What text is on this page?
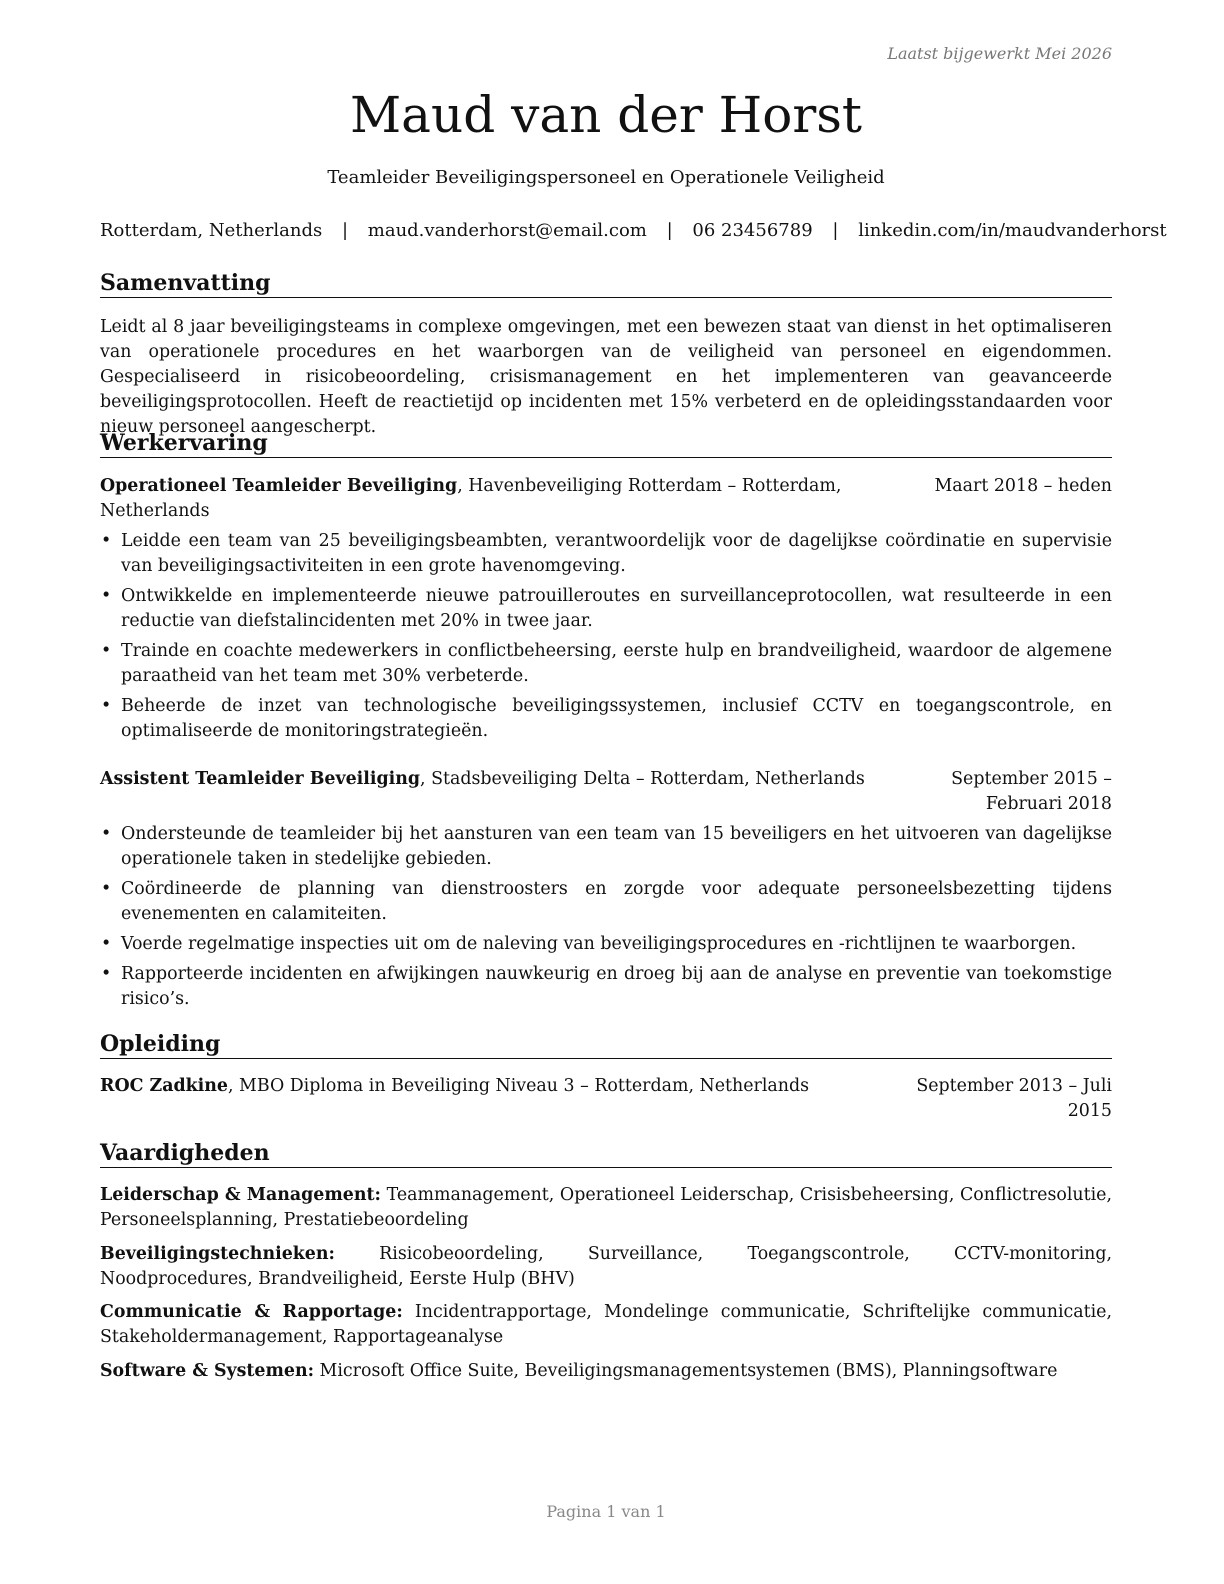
Laatst bijgewerkt Mei 2026
Maud van der Horst
Teamleider Beveiligingspersoneel en Operationele Veiligheid
Rotterdam, Netherlands | maud.vanderhorst@email.com | 06 23456789 | linkedin.com/in/maudvanderhorst
Samenvatting
Leidt al 8 jaar beveiligingsteams in complexe omgevingen, met een bewezen staat van dienst in het optimaliseren van operationele procedures en het waarborgen van de veiligheid van personeel en eigendommen. Gespecialiseerd in risicobeoordeling, crisismanagement en het implementeren van geavanceerde beveiligingsprotocollen. Heeft de reactietijd op incidenten met 15% verbeterd en de opleidingsstandaarden voor nieuw personeel aangescherpt.
Werkervaring
Operationeel Teamleider Beveiliging, Havenbeveiliging Rotterdam – Rotterdam, Netherlands
Maart 2018 – heden
• Leidde een team van 25 beveiligingsbeambten, verantwoordelijk voor de dagelijkse coördinatie en supervisie van beveiligingsactiviteiten in een grote havenomgeving.
• Ontwikkelde en implementeerde nieuwe patrouilleroutes en surveillanceprotocollen, wat resulteerde in een reductie van diefstalincidenten met 20% in twee jaar.
• Trainde en coachte medewerkers in conflictbeheersing, eerste hulp en brandveiligheid, waardoor de algemene paraatheid van het team met 30% verbeterde.
• Beheerde de inzet van technologische beveiligingssystemen, inclusief CCTV en toegangscontrole, en optimaliseerde de monitoringstrategieën.
Assistent Teamleider Beveiliging, Stadsbeveiliging Delta – Rotterdam, Netherlands	September 2015 – Februari 2018
• Ondersteunde de teamleider bij het aansturen van een team van 15 beveiligers en het uitvoeren van dagelijkse operationele taken in stedelijke gebieden.
• Coördineerde de planning van dienstroosters en zorgde voor adequate personeelsbezetting tijdens evenementen en calamiteiten.
• Voerde regelmatige inspecties uit om de naleving van beveiligingsprocedures en -richtlijnen te waarborgen.
• Rapporteerde incidenten en afwijkingen nauwkeurig en droeg bij aan de analyse en preventie van toekomstige risico’s.
Opleiding
ROC Zadkine, MBO Diploma in Beveiliging Niveau 3 – Rotterdam, Netherlands	September 2013 – Juli 2015
Vaardigheden
Leiderschap & Management: Teammanagement, Operationeel Leiderschap, Crisisbeheersing, Conflictresolutie, Personeelsplanning, Prestatiebeoordeling
Beveiligingstechnieken: Risicobeoordeling, Surveillance, Toegangscontrole, CCTV-monitoring, Noodprocedures, Brandveiligheid, Eerste Hulp (BHV)
Communicatie & Rapportage: Incidentrapportage, Mondelinge communicatie, Schriftelijke communicatie, Stakeholdermanagement, Rapportageanalyse
Software & Systemen: Microsoft Office Suite, Beveiligingsmanagementsystemen (BMS), Planningsoftware
Pagina 1 van 1
